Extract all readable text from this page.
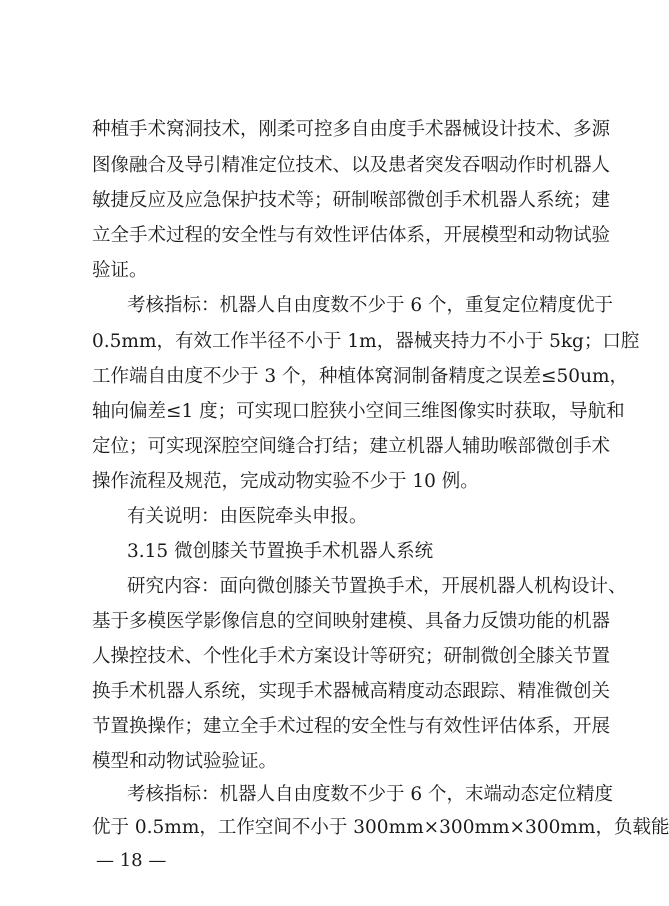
种植手术窝洞技术，刚柔可控多自由度手术器械设计技术、多源
图像融合及导引精准定位技术、以及患者突发吞咽动作时机器人
敏捷反应及应急保护技术等；研制喉部微创手术机器人系统；建
立全手术过程的安全性与有效性评估体系，开展模型和动物试验
验证。
考核指标：机器人自由度数不少于 6 个，重复定位精度优于
0.5mm，有效工作半径不小于 1m，器械夹持力不小于 5kg；口腔
工作端自由度不少于 3 个，种植体窝洞制备精度之误差≤50um，
轴向偏差≤1 度；可实现口腔狭小空间三维图像实时获取，导航和
定位；可实现深腔空间缝合打结；建立机器人辅助喉部微创手术
操作流程及规范，完成动物实验不少于 10 例。
有关说明：由医院牵头申报。
3.15 微创膝关节置换手术机器人系统
研究内容：面向微创膝关节置换手术，开展机器人机构设计、
基于多模医学影像信息的空间映射建模、具备力反馈功能的机器
人操控技术、个性化手术方案设计等研究；研制微创全膝关节置
换手术机器人系统，实现手术器械高精度动态跟踪、精准微创关
节置换操作；建立全手术过程的安全性与有效性评估体系，开展
模型和动物试验验证。
考核指标：机器人自由度数不少于 6 个，末端动态定位精度
优于 0.5mm，工作空间不小于 300mm×300mm×300mm，负载能
— 18 —
